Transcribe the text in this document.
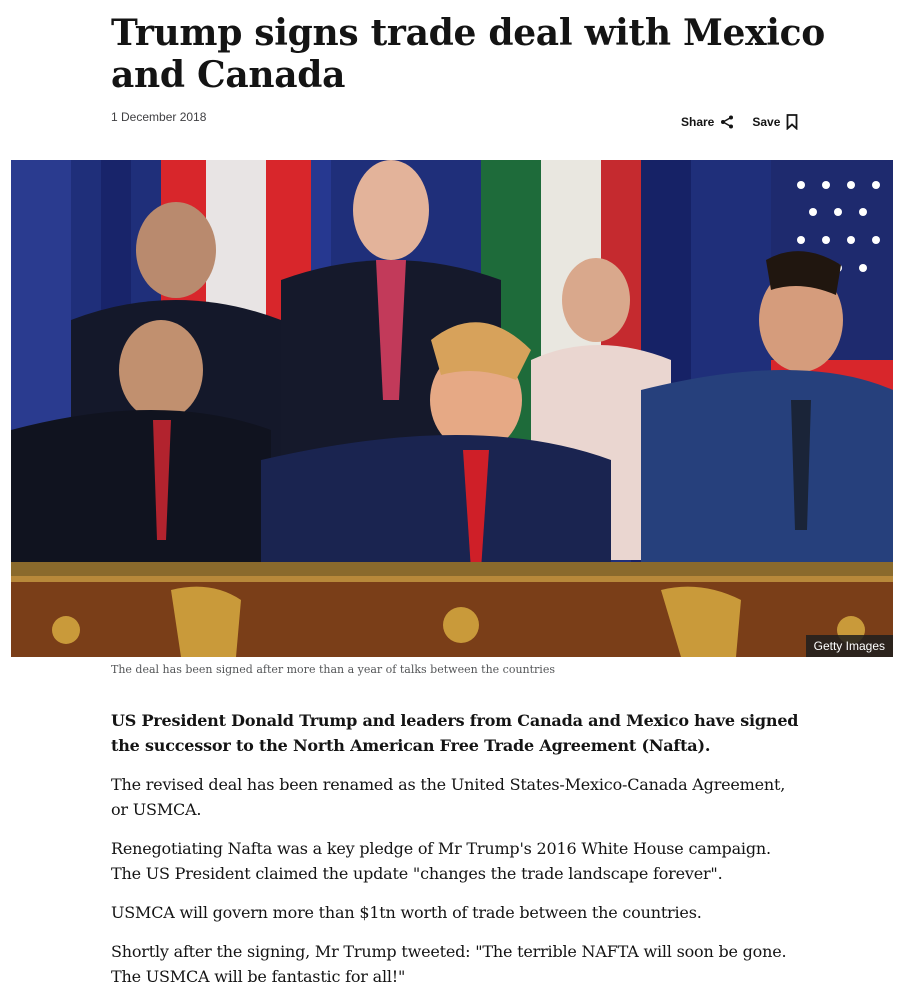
Trump signs trade deal with Mexico and Canada
1 December 2018	Share	Save
Getty Images
The deal has been signed after more than a year of talks between the countries

US President Donald Trump and leaders from Canada and Mexico have signed the successor to the North American Free Trade Agreement (Nafta).

The revised deal has been renamed as the United States-Mexico-Canada Agreement, or USMCA.

Renegotiating Nafta was a key pledge of Mr Trump's 2016 White House campaign. The US President claimed the update "changes the trade landscape forever".

USMCA will govern more than $1tn worth of trade between the countries.

Shortly after the signing, Mr Trump tweeted: "The terrible NAFTA will soon be gone. The USMCA will be fantastic for all!"
